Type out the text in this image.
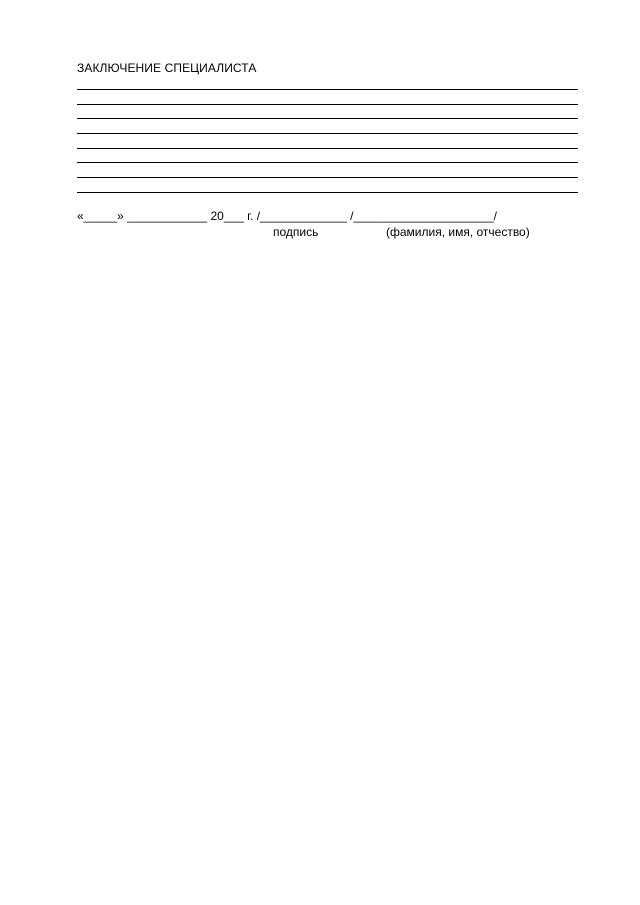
ЗАКЛЮЧЕНИЕ СПЕЦИАЛИСТА
«_____» ____________ 20___ г. /_____________ /_____________________/
подпись	(фамилия, имя, отчество)
